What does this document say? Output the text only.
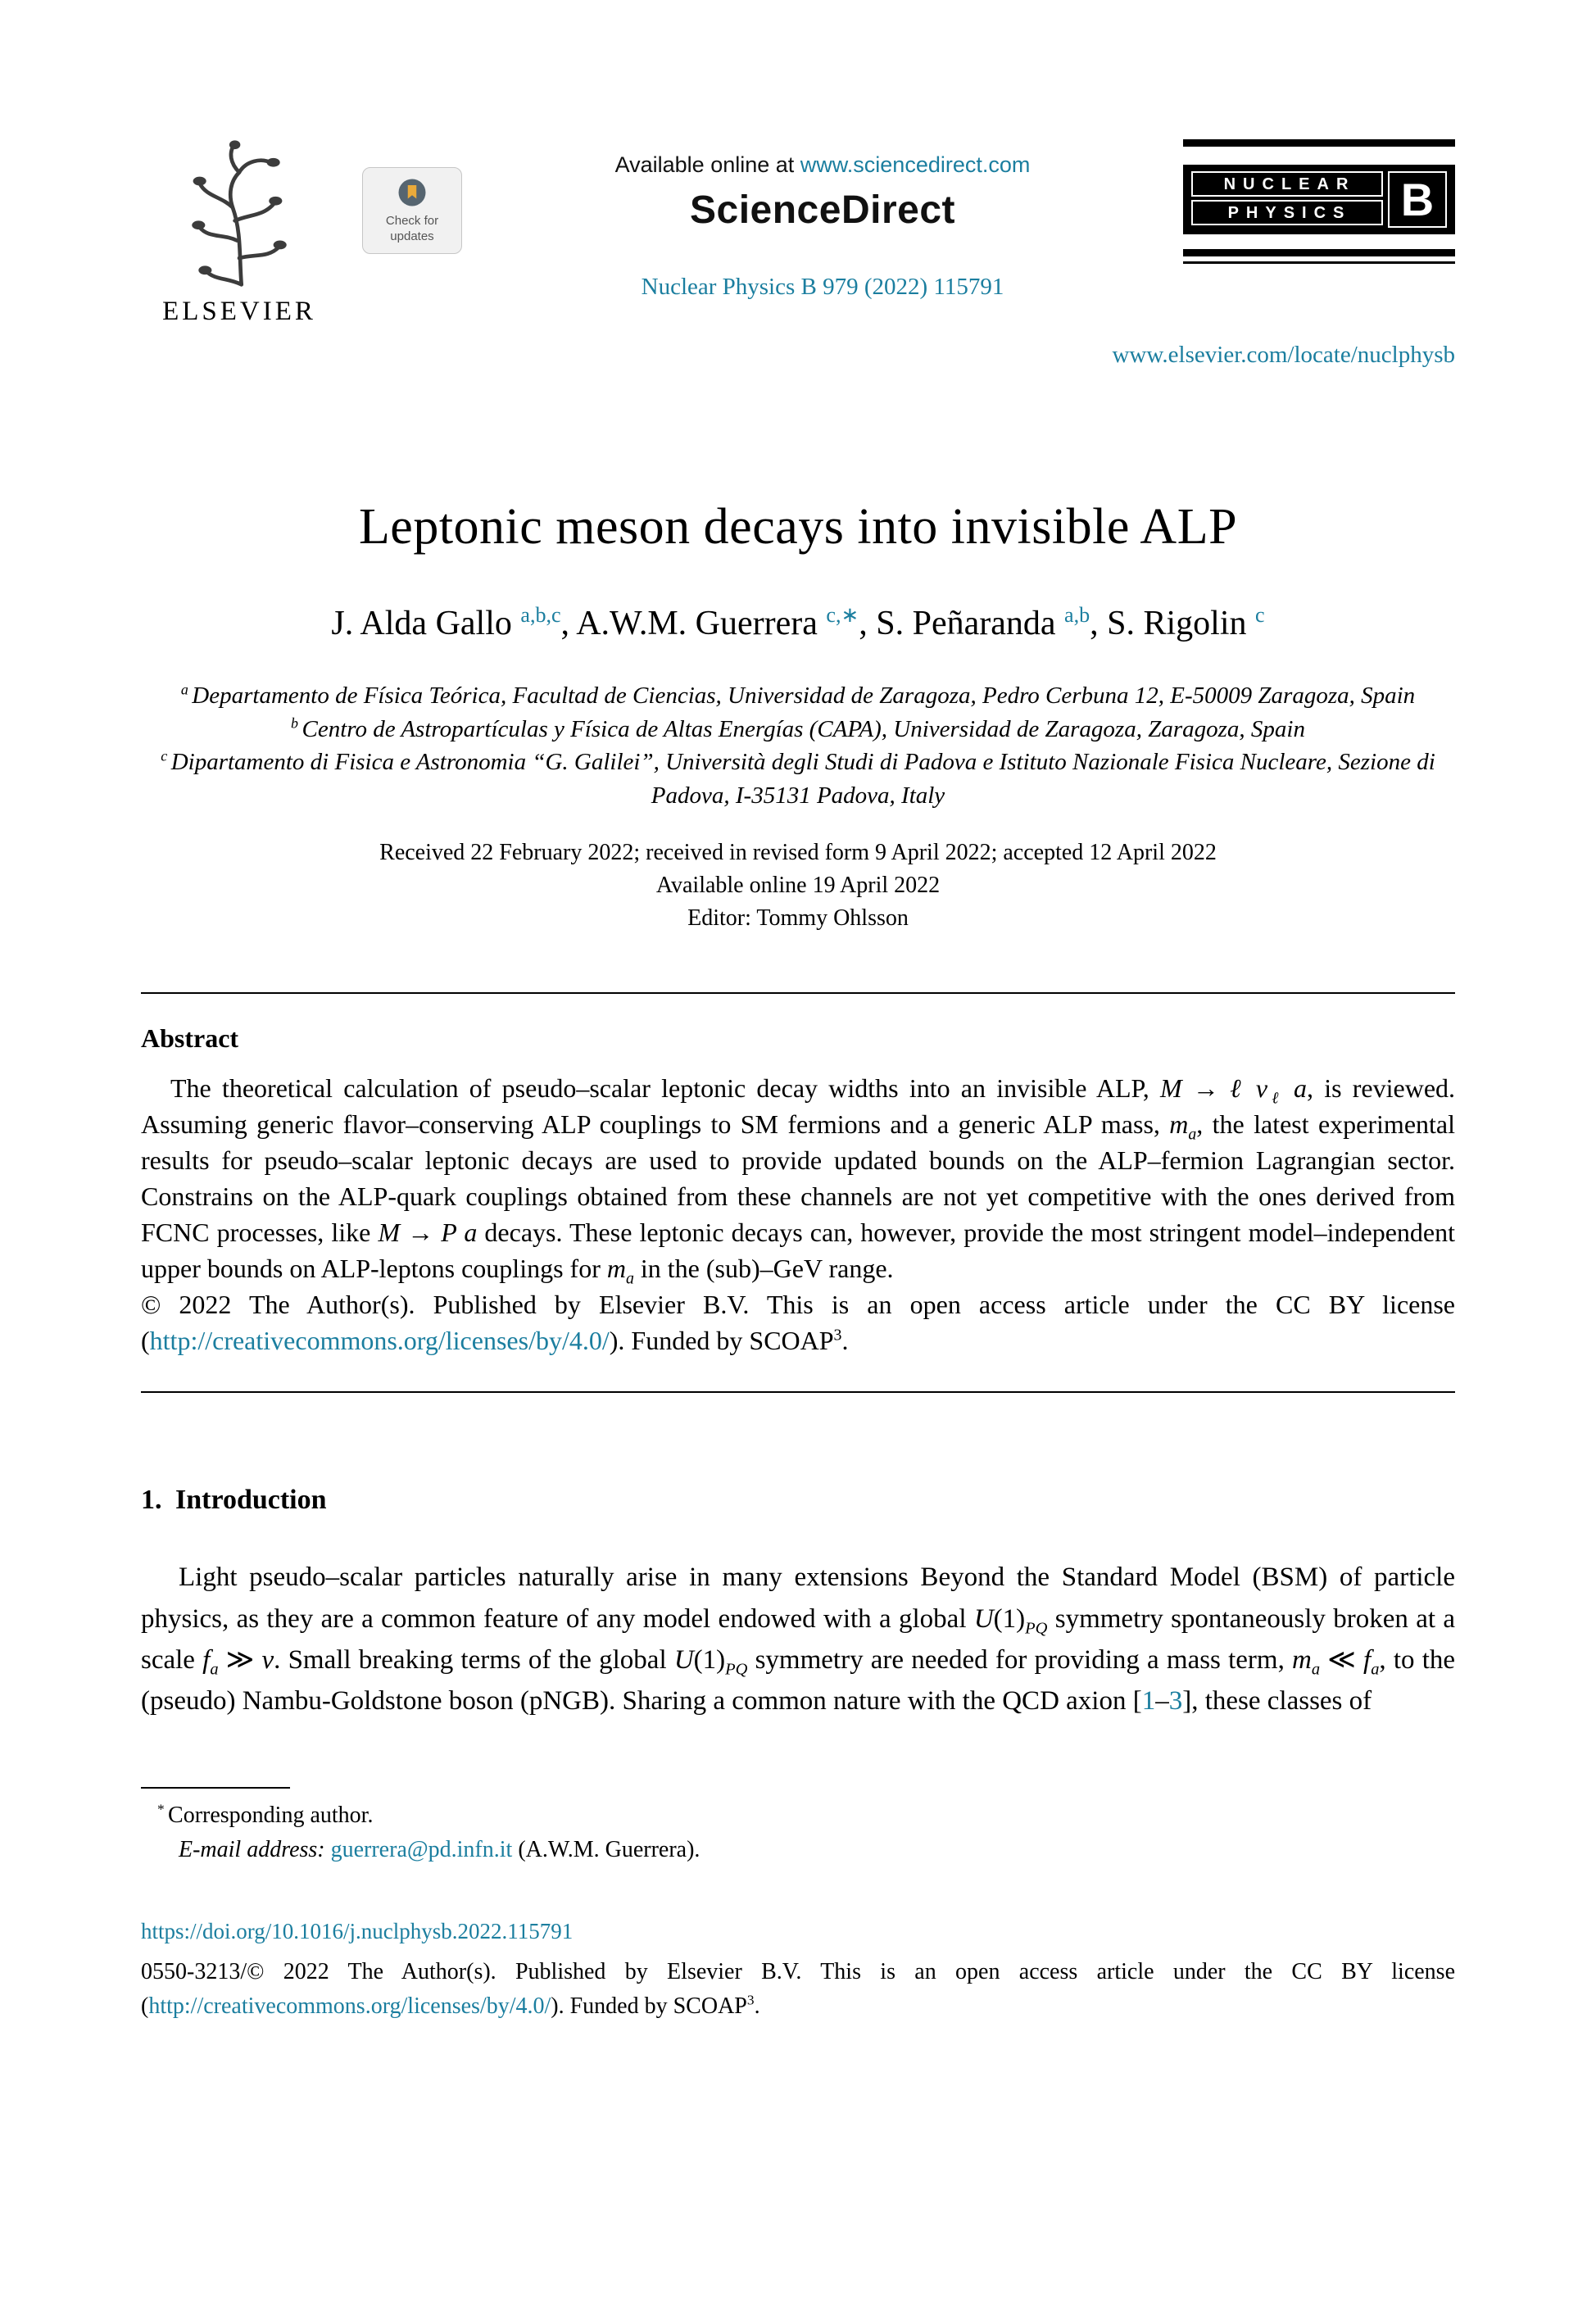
ELSEVIER
Check for updates
Available online at www.sciencedirect.com
ScienceDirect
Nuclear Physics B 979 (2022) 115791
NUCLEAR
PHYSICS	B
www.elsevier.com/locate/nuclphysb
Leptonic meson decays into invisible ALP
J. Alda Gallo $^{a,b,c}$, A.W.M. Guerrera $^{c,∗}$, S. Peñaranda $^{a,b}$, S. Rigolin $^c$
$^a$ Departamento de Física Teórica, Facultad de Ciencias, Universidad de Zaragoza, Pedro Cerbuna 12, E-50009 Zaragoza, Spain
$^b$ Centro de Astropartículas y Física de Altas Energías (CAPA), Universidad de Zaragoza, Zaragoza, Spain
$^c$ Dipartamento di Fisica e Astronomia “G. Galilei”, Università degli Studi di Padova e Istituto Nazionale Fisica Nucleare, Sezione di Padova, I-35131 Padova, Italy
Received 22 February 2022; received in revised form 9 April 2022; accepted 12 April 2022
Available online 19 April 2022
Editor: Tommy Ohlsson
Abstract

The theoretical calculation of pseudo–scalar leptonic decay widths into an invisible ALP, M → ℓ $\nu_\ell$ a, is reviewed. Assuming generic flavor–conserving ALP couplings to SM fermions and a generic ALP mass, $m_a$, the latest experimental results for pseudo–scalar leptonic decays are used to provide updated bounds on the ALP–fermion Lagrangian sector. Constrains on the ALP-quark couplings obtained from these channels are not yet competitive with the ones derived from FCNC processes, like M → P a decays. These leptonic decays can, however, provide the most stringent model–independent upper bounds on ALP-leptons couplings for $m_a$ in the (sub)–GeV range.

© 2022 The Author(s). Published by Elsevier B.V. This is an open access article under the CC BY license (http://creativecommons.org/licenses/by/4.0/). Funded by SCOAP$^3$.

1. Introduction

Light pseudo–scalar particles naturally arise in many extensions Beyond the Standard Model (BSM) of particle physics, as they are a common feature of any model endowed with a global $U(1)_{PQ}$ symmetry spontaneously broken at a scale $f_a$ ≫ v. Small breaking terms of the global $U(1)_{PQ}$ symmetry are needed for providing a mass term, $m_a$ ≪ $f_a$, to the (pseudo) Nambu-Goldstone boson (pNGB). Sharing a common nature with the QCD axion [1–3], these classes of

* Corresponding author.
E-mail address: guerrera@pd.infn.it (A.W.M. Guerrera).
https://doi.org/10.1016/j.nuclphysb.2022.115791
0550-3213/© 2022 The Author(s). Published by Elsevier B.V. This is an open access article under the CC BY license (http://creativecommons.org/licenses/by/4.0/). Funded by SCOAP$^3$.
